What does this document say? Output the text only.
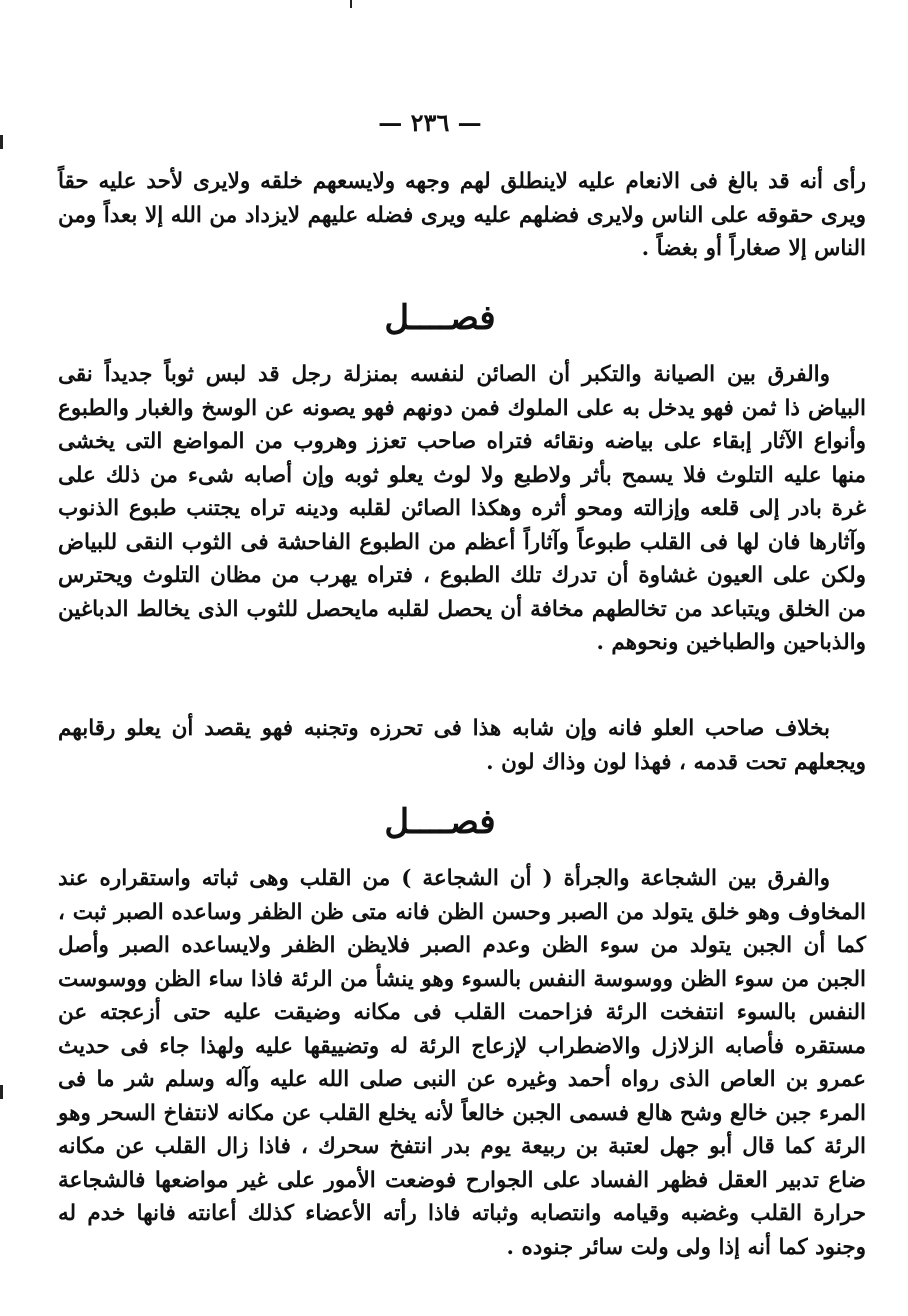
— ٢٣٦ —
رأى أنه قد بالغ فى الانعام عليه لاينطلق لهم وجهه ولايسعهم خلقه ولايرى لأحد عليه حقاً ويرى حقوقه على الناس ولايرى فضلهم عليه ويرى فضله عليهم لايزداد من الله إلا بعداً ومن الناس إلا صغاراً أو بغضاً .
فصــــل
والفرق بين الصيانة والتكبر أن الصائن لنفسه بمنزلة رجل قد لبس ثوباً جديداً نقى البياض ذا ثمن فهو يدخل به على الملوك فمن دونهم فهو يصونه عن الوسخ والغبار والطبوع وأنواع الآثار إبقاء على بياضه ونقائه فتراه صاحب تعزز وهروب من المواضع التى يخشى منها عليه التلوث فلا يسمح بأثر ولاطبع ولا لوث يعلو ثوبه وإن أصابه شىء من ذلك على غرة بادر إلى قلعه وإزالته ومحو أثره وهكذا الصائن لقلبه ودينه تراه يجتنب طبوع الذنوب وآثارها فان لها فى القلب طبوعاً وآثاراً أعظم من الطبوع الفاحشة فى الثوب النقى للبياض ولكن على العيون غشاوة أن تدرك تلك الطبوع ، فتراه يهرب من مظان التلوث ويحترس من الخلق ويتباعد من تخالطهم مخافة أن يحصل لقلبه مايحصل للثوب الذى يخالط الدباغين والذباحين والطباخين ونحوهم .
بخلاف صاحب العلو فانه وإن شابه هذا فى تحرزه وتجنبه فهو يقصد أن يعلو رقابهم ويجعلهم تحت قدمه ، فهذا لون وذاك لون .
فصــــل
والفرق بين الشجاعة والجرأة ( أن الشجاعة ) من القلب وهى ثباته واستقراره عند المخاوف وهو خلق يتولد من الصبر وحسن الظن فانه متى ظن الظفر وساعده الصبر ثبت ، كما أن الجبن يتولد من سوء الظن وعدم الصبر فلايظن الظفر ولايساعده الصبر وأصل الجبن من سوء الظن ووسوسة النفس بالسوء وهو ينشأ من الرئة فاذا ساء الظن ووسوست النفس بالسوء انتفخت الرئة فزاحمت القلب فى مكانه وضيقت عليه حتى أزعجته عن مستقره فأصابه الزلازل والاضطراب لإزعاج الرئة له وتضييقها عليه ولهذا جاء فى حديث عمرو بن العاص الذى رواه أحمد وغيره عن النبى صلى الله عليه وآله وسلم شر ما فى المرء جبن خالع وشح هالع فسمى الجبن خالعاً لأنه يخلع القلب عن مكانه لانتفاخ السحر وهو الرئة كما قال أبو جهل لعتبة بن ربيعة يوم بدر انتفخ سحرك ، فاذا زال القلب عن مكانه ضاع تدبير العقل فظهر الفساد على الجوارح فوضعت الأمور على غير مواضعها فالشجاعة حرارة القلب وغضبه وقيامه وانتصابه وثباته فاذا رأته الأعضاء كذلك أعانته فانها خدم له وجنود كما أنه إذا ولى ولت سائر جنوده .
